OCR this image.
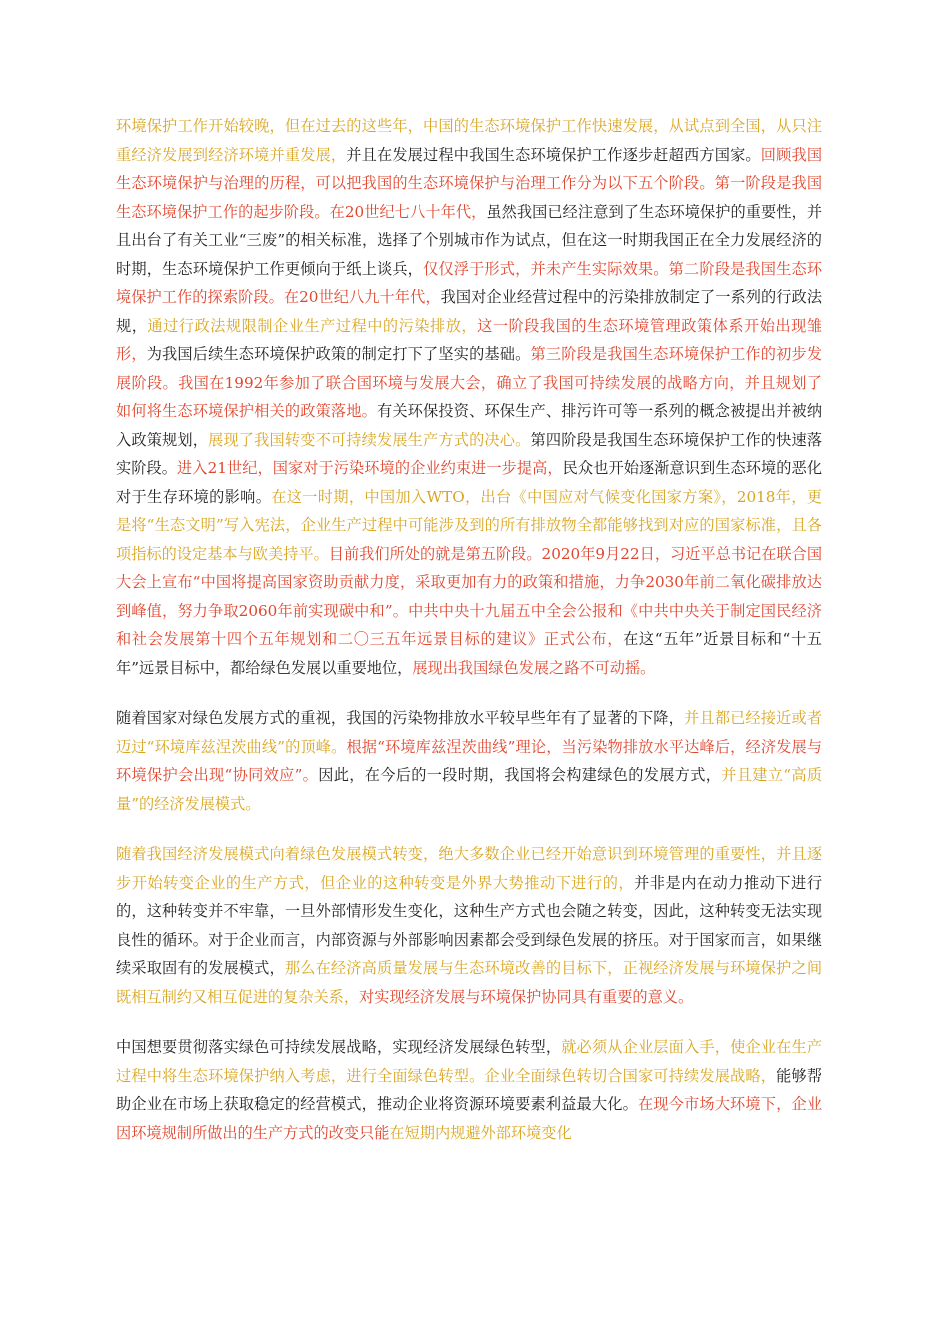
环境保护工作开始较晚，但在过去的这些年，中国的生态环境保护工作快速发展，从试点到全国，从只注重经济发展到经济环境并重发展，并且在发展过程中我国生态环境保护工作逐步赶超西方国家。回顾我国生态环境保护与治理的历程，可以把我国的生态环境保护与治理工作分为以下五个阶段。第一阶段是我国生态环境保护工作的起步阶段。在20世纪七八十年代，虽然我国已经注意到了生态环境保护的重要性，并且出台了有关工业“三废”的相关标准，选择了个别城市作为试点，但在这一时期我国正在全力发展经济的时期，生态环境保护工作更倾向于纸上谈兵，仅仅浮于形式，并未产生实际效果。第二阶段是我国生态环境保护工作的探索阶段。在20世纪八九十年代，我国对企业经营过程中的污染排放制定了一系列的行政法规，通过行政法规限制企业生产过程中的污染排放，这一阶段我国的生态环境管理政策体系开始出现雏形，为我国后续生态环境保护政策的制定打下了坚实的基础。第三阶段是我国生态环境保护工作的初步发展阶段。我国在1992年参加了联合国环境与发展大会，确立了我国可持续发展的战略方向，并且规划了如何将生态环境保护相关的政策落地。有关环保投资、环保生产、排污许可等一系列的概念被提出并被纳入政策规划，展现了我国转变不可持续发展生产方式的决心。第四阶段是我国生态环境保护工作的快速落实阶段。进入21世纪，国家对于污染环境的企业约束进一步提高，民众也开始逐渐意识到生态环境的恶化对于生存环境的影响。在这一时期，中国加入WTO，出台《中国应对气候变化国家方案》，2018年，更是将“生态文明”写入宪法，企业生产过程中可能涉及到的所有排放物全都能够找到对应的国家标准，且各项指标的设定基本与欧美持平。目前我们所处的就是第五阶段。2020年9月22日，习近平总书记在联合国大会上宣布“中国将提高国家资助贡献力度，采取更加有力的政策和措施，力争2030年前二氧化碳排放达到峰值，努力争取2060年前实现碳中和”。中共中央十九届五中全会公报和《中共中央关于制定国民经济和社会发展第十四个五年规划和二〇三五年远景目标的建议》正式公布，在这“五年”近景目标和“十五年”远景目标中，都给绿色发展以重要地位，展现出我国绿色发展之路不可动摇。

随着国家对绿色发展方式的重视，我国的污染物排放水平较早些年有了显著的下降，并且都已经接近或者迈过“环境库兹涅茨曲线”的顶峰。根据“环境库兹涅茨曲线”理论，当污染物排放水平达峰后，经济发展与环境保护会出现“协同效应”。因此，在今后的一段时期，我国将会构建绿色的发展方式，并且建立“高质量”的经济发展模式。

随着我国经济发展模式向着绿色发展模式转变，绝大多数企业已经开始意识到环境管理的重要性，并且逐步开始转变企业的生产方式，但企业的这种转变是外界大势推动下进行的，并非是内在动力推动下进行的，这种转变并不牢靠，一旦外部情形发生变化，这种生产方式也会随之转变，因此，这种转变无法实现良性的循环。对于企业而言，内部资源与外部影响因素都会受到绿色发展的挤压。对于国家而言，如果继续采取固有的发展模式，那么在经济高质量发展与生态环境改善的目标下，正视经济发展与环境保护之间既相互制约又相互促进的复杂关系，对实现经济发展与环境保护协同具有重要的意义。

中国想要贯彻落实绿色可持续发展战略，实现经济发展绿色转型，就必须从企业层面入手，使企业在生产过程中将生态环境保护纳入考虑，进行全面绿色转型。企业全面绿色转切合国家可持续发展战略，能够帮助企业在市场上获取稳定的经营模式，推动企业将资源环境要素利益最大化。在现今市场大环境下，企业因环境规制所做出的生产方式的改变只能在短期内规避外部环境变化
